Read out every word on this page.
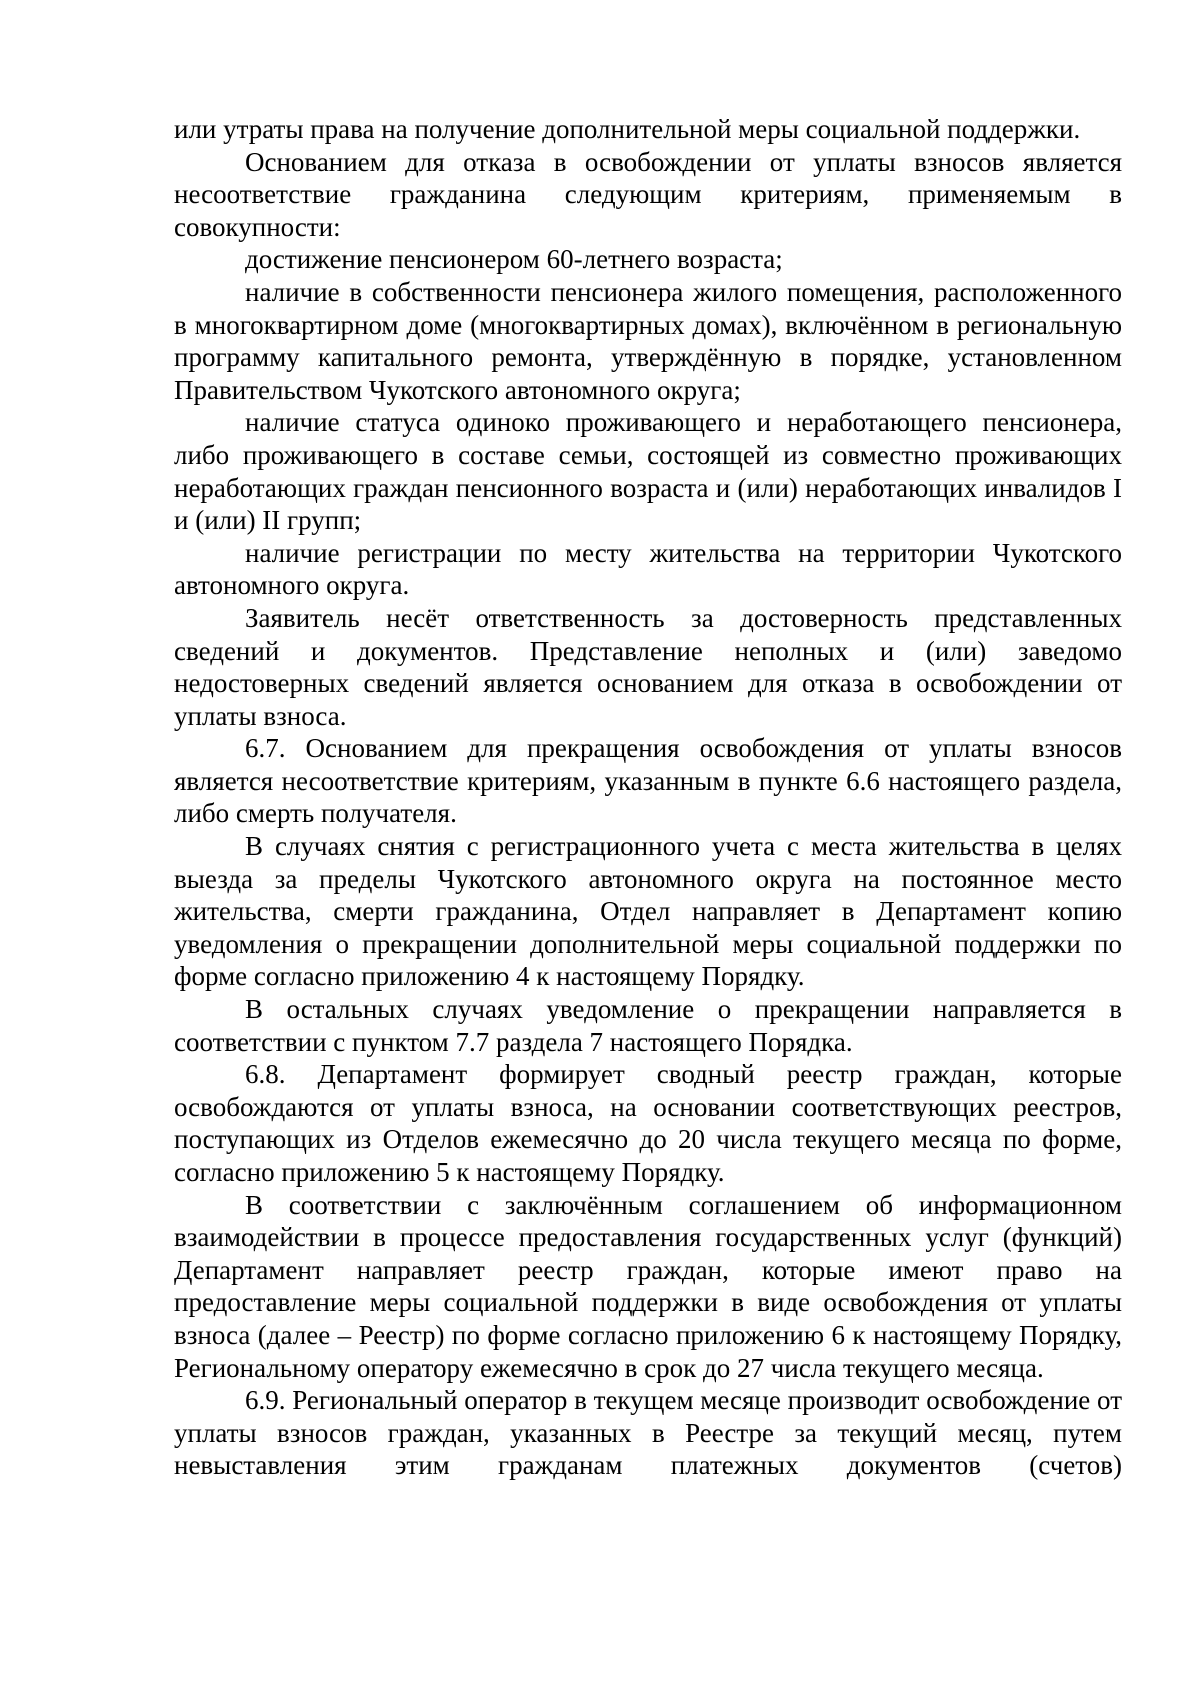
или утраты права на получение дополнительной меры социальной поддержки.

Основанием для отказа в освобождении от уплаты взносов является несоответствие гражданина следующим критериям, применяемым в совокупности:

достижение пенсионером 60-летнего возраста;

наличие в собственности пенсионера жилого помещения, расположенного в многоквартирном доме (многоквартирных домах), включённом в региональную программу капитального ремонта, утверждённую в порядке, установленном Правительством Чукотского автономного округа;

наличие статуса одиноко проживающего и неработающего пенсионера, либо проживающего в составе семьи, состоящей из совместно проживающих неработающих граждан пенсионного возраста и (или) неработающих инвалидов I и (или) II групп;

наличие регистрации по месту жительства на территории Чукотского автономного округа.

Заявитель несёт ответственность за достоверность представленных сведений и документов. Представление неполных и (или) заведомо недостоверных сведений является основанием для отказа в освобождении от уплаты взноса.

6.7. Основанием для прекращения освобождения от уплаты взносов является несоответствие критериям, указанным в пункте 6.6 настоящего раздела, либо смерть получателя.

В случаях снятия с регистрационного учета с места жительства в целях выезда за пределы Чукотского автономного округа на постоянное место жительства, смерти гражданина, Отдел направляет в Департамент копию уведомления о прекращении дополнительной меры социальной поддержки по форме согласно приложению 4 к настоящему Порядку.

В остальных случаях уведомление о прекращении направляется в соответствии с пунктом 7.7 раздела 7 настоящего Порядка.

6.8. Департамент формирует сводный реестр граждан, которые освобождаются от уплаты взноса, на основании соответствующих реестров, поступающих из Отделов ежемесячно до 20 числа текущего месяца по форме, согласно приложению 5 к настоящему Порядку.

В соответствии с заключённым соглашением об информационном взаимодействии в процессе предоставления государственных услуг (функций) Департамент направляет реестр граждан, которые имеют право на предоставление меры социальной поддержки в виде освобождения от уплаты взноса (далее – Реестр) по форме согласно приложению 6 к настоящему Порядку, Региональному оператору ежемесячно в срок до 27 числа текущего месяца.

6.9. Региональный оператор в текущем месяце производит освобождение от уплаты взносов граждан, указанных в Реестре за текущий месяц, путем невыставления этим гражданам платежных документов (счетов)
